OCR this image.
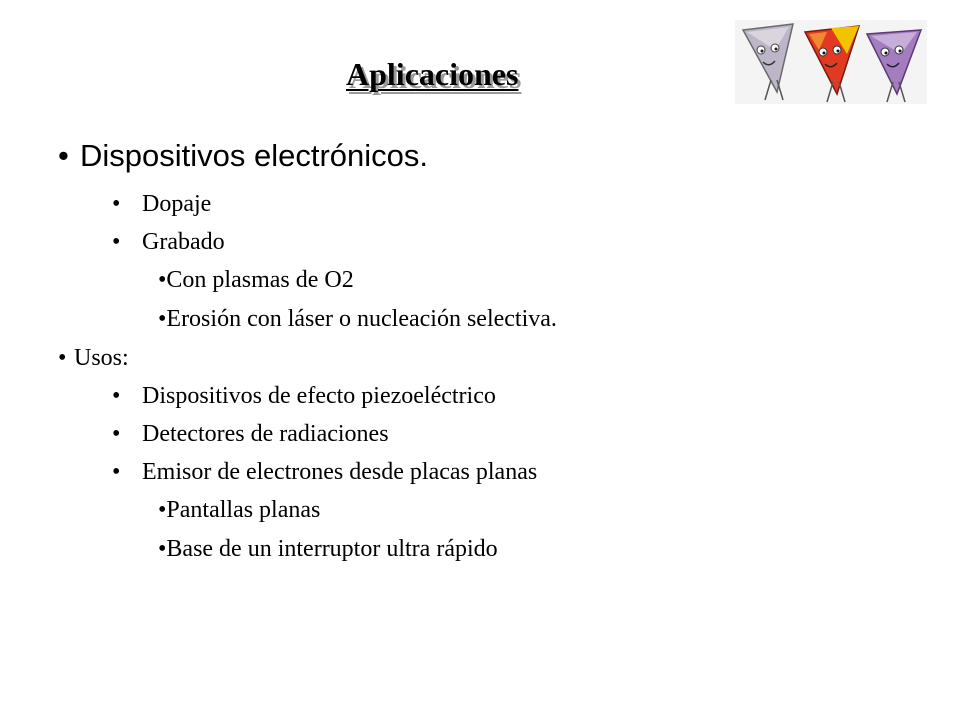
Aplicaciones
• Dispositivos electrónicos.
• Dopaje
• Grabado
•Con plasmas de O2
•Erosión con láser o nucleación selectiva.
• Usos:
• Dispositivos de efecto piezoeléctrico
• Detectores de radiaciones
• Emisor de electrones desde placas planas
•Pantallas planas
•Base de un interruptor ultra rápido
